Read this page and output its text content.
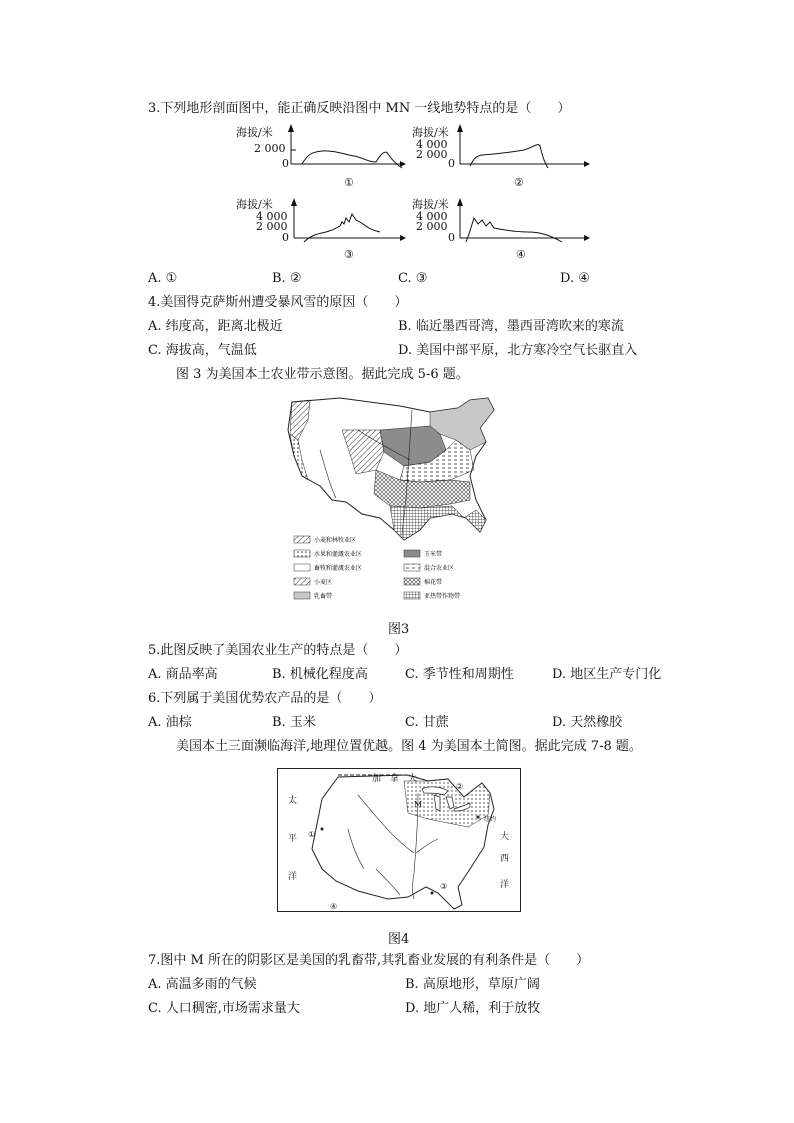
3.下列地形剖面图中，能正确反映沿图中 MN 一线地势特点的是（　　）
海拔/米
2 000
0
①
海拔/米
4 000
2 000
0
②
海拔/米
4 000
2 000
0
③
海拔/米
4 000
2 000
0
④
A. ①	B. ②	C. ③	D. ④
4.美国得克萨斯州遭受暴风雪的原因（　　）
A. 纬度高，距离北极近	B. 临近墨西哥湾，墨西哥湾吹来的寒流
C. 海拔高，气温低	D. 美国中部平原，北方寒冷空气长驱直入
图 3 为美国本土农业带示意图。据此完成 5-6 题。
小麦和林牧业区
水果和灌溉农业区
畜牧和灌溉农业区
小麦区
乳畜带
玉米带
混合农业区
棉花带
亚热带作物带
图3
5.此图反映了美国农业生产的特点是（　　）
A. 商品率高	B. 机械化程度高	C. 季节性和周期性	D. 地区生产专门化
6.下列属于美国优势农产品的是（　　）
A. 油棕	B. 玉米	C. 甘蔗	D. 天然橡胶
美国本土三面濒临海洋,地理位置优越。图 4 为美国本土简图。据此完成 7-8 题。
加　拿　大
太
平
洋
大
西
洋
纽约
M
①
②
③
④
图4
7.图中 M 所在的阴影区是美国的乳畜带,其乳畜业发展的有利条件是（　　）
A. 高温多雨的气候	B. 高原地形，草原广阔
C. 人口稠密,市场需求量大	D. 地广人稀，利于放牧
